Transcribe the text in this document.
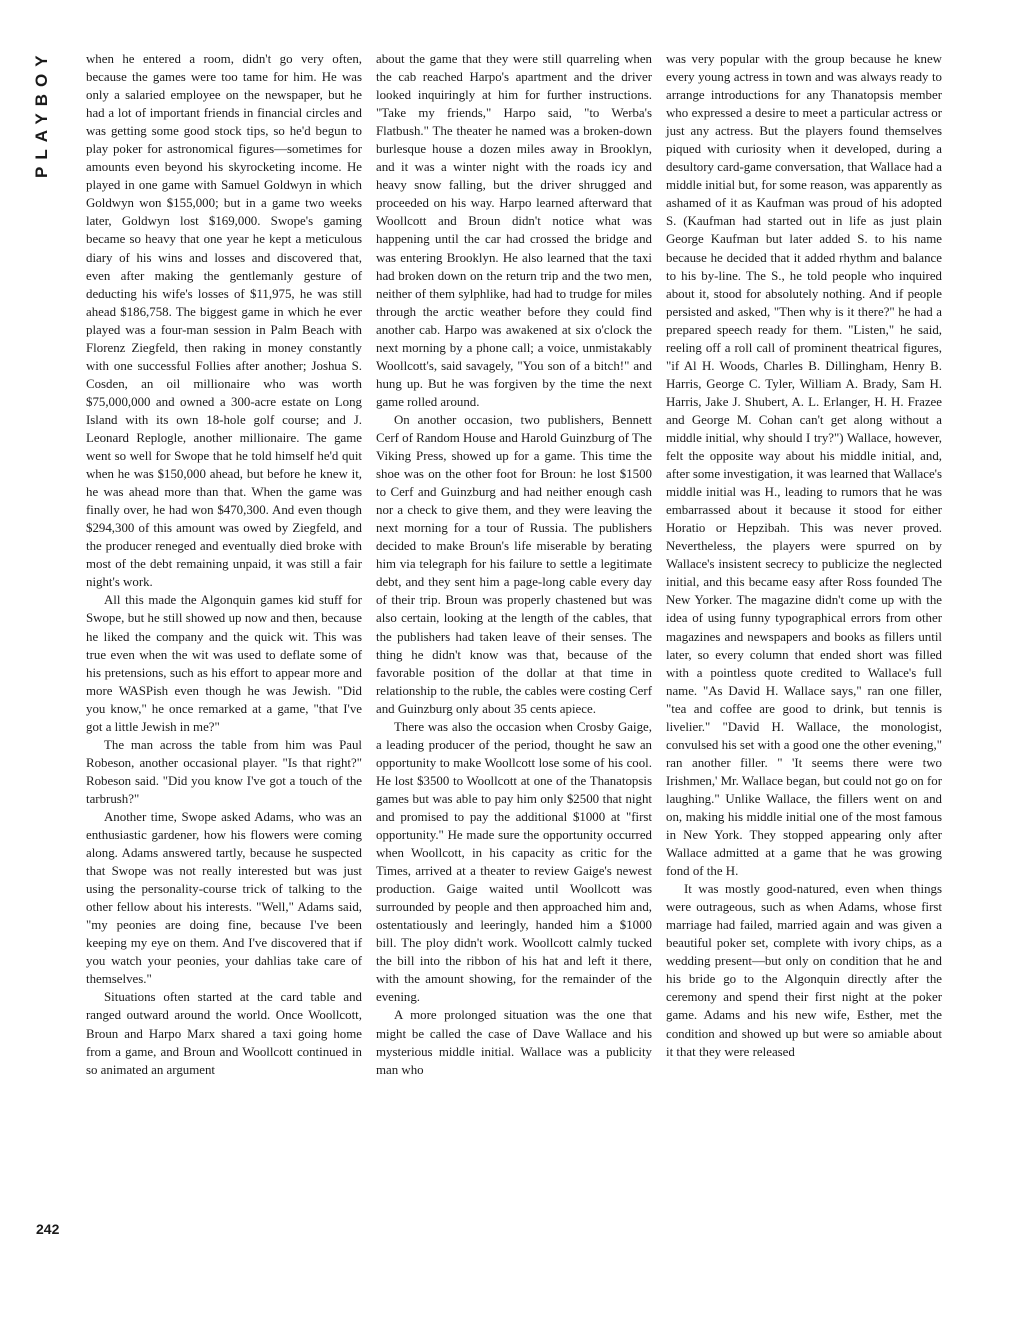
PLAYBOY	when he entered a room, didn't go very often, because the games were too tame for him. He was only a salaried employee on the newspaper, but he had a lot of important friends in financial circles and was getting some good stock tips, so he'd begun to play poker for astronomical figures—sometimes for amounts even beyond his skyrocketing income. He played in one game with Samuel Goldwyn in which Goldwyn won $155,000; but in a game two weeks later, Goldwyn lost $169,000. Swope's gaming became so heavy that one year he kept a meticulous diary of his wins and losses and discovered that, even after making the gentlemanly gesture of deducting his wife's losses of $11,975, he was still ahead $186,758. The biggest game in which he ever played was a four-man session in Palm Beach with Florenz Ziegfeld, then raking in money constantly with one successful Follies after another; Joshua S. Cosden, an oil millionaire who was worth $75,000,000 and owned a 300-acre estate on Long Island with its own 18-hole golf course; and J. Leonard Replogle, another millionaire. The game went so well for Swope that he told himself he'd quit when he was $150,000 ahead, but before he knew it, he was ahead more than that. When the game was finally over, he had won $470,300. And even though $294,300 of this amount was owed by Ziegfeld, and the producer reneged and eventually died broke with most of the debt remaining unpaid, it was still a fair night's work.

All this made the Algonquin games kid stuff for Swope, but he still showed up now and then, because he liked the company and the quick wit. This was true even when the wit was used to deflate some of his pretensions, such as his effort to appear more and more WASPish even though he was Jewish. "Did you know," he once remarked at a game, "that I've got a little Jewish in me?"

The man across the table from him was Paul Robeson, another occasional player. "Is that right?" Robeson said. "Did you know I've got a touch of the tarbrush?"

Another time, Swope asked Adams, who was an enthusiastic gardener, how his flowers were coming along. Adams answered tartly, because he suspected that Swope was not really interested but was just using the personality-course trick of talking to the other fellow about his interests. "Well," Adams said, "my peonies are doing fine, because I've been keeping my eye on them. And I've discovered that if you watch your peonies, your dahlias take care of themselves."

Situations often started at the card table and ranged outward around the world. Once Woollcott, Broun and Harpo Marx shared a taxi going home from a game, and Broun and Woollcott continued in so animated an argument

about the game that they were still quarreling when the cab reached Harpo's apartment and the driver looked inquiringly at him for further instructions. "Take my friends," Harpo said, "to Werba's Flatbush." The theater he named was a broken-down burlesque house a dozen miles away in Brooklyn, and it was a winter night with the roads icy and heavy snow falling, but the driver shrugged and proceeded on his way. Harpo learned afterward that Woollcott and Broun didn't notice what was happening until the car had crossed the bridge and was entering Brooklyn. He also learned that the taxi had broken down on the return trip and the two men, neither of them sylphlike, had had to trudge for miles through the arctic weather before they could find another cab. Harpo was awakened at six o'clock the next morning by a phone call; a voice, unmistakably Woollcott's, said savagely, "You son of a bitch!" and hung up. But he was forgiven by the time the next game rolled around.

On another occasion, two publishers, Bennett Cerf of Random House and Harold Guinzburg of The Viking Press, showed up for a game. This time the shoe was on the other foot for Broun: he lost $1500 to Cerf and Guinzburg and had neither enough cash nor a check to give them, and they were leaving the next morning for a tour of Russia. The publishers decided to make Broun's life miserable by berating him via telegraph for his failure to settle a legitimate debt, and they sent him a page-long cable every day of their trip. Broun was properly chastened but was also certain, looking at the length of the cables, that the publishers had taken leave of their senses. The thing he didn't know was that, because of the favorable position of the dollar at that time in relationship to the ruble, the cables were costing Cerf and Guinzburg only about 35 cents apiece.

There was also the occasion when Crosby Gaige, a leading producer of the period, thought he saw an opportunity to make Woollcott lose some of his cool. He lost $3500 to Woollcott at one of the Thanatopsis games but was able to pay him only $2500 that night and promised to pay the additional $1000 at "first opportunity." He made sure the opportunity occurred when Woollcott, in his capacity as critic for the Times, arrived at a theater to review Gaige's newest production. Gaige waited until Woollcott was surrounded by people and then approached him and, ostentatiously and leeringly, handed him a $1000 bill. The ploy didn't work. Woollcott calmly tucked the bill into the ribbon of his hat and left it there, with the amount showing, for the remainder of the evening.

A more prolonged situation was the one that might be called the case of Dave Wallace and his mysterious middle initial. Wallace was a publicity man who

was very popular with the group because he knew every young actress in town and was always ready to arrange introductions for any Thanatopsis member who expressed a desire to meet a particular actress or just any actress. But the players found themselves piqued with curiosity when it developed, during a desultory card-game conversation, that Wallace had a middle initial but, for some reason, was apparently as ashamed of it as Kaufman was proud of his adopted S. (Kaufman had started out in life as just plain George Kaufman but later added S. to his name because he decided that it added rhythm and balance to his by-line. The S., he told people who inquired about it, stood for absolutely nothing. And if people persisted and asked, "Then why is it there?" he had a prepared speech ready for them. "Listen," he said, reeling off a roll call of prominent theatrical figures, "if Al H. Woods, Charles B. Dillingham, Henry B. Harris, George C. Tyler, William A. Brady, Sam H. Harris, Jake J. Shubert, A. L. Erlanger, H. H. Frazee and George M. Cohan can't get along without a middle initial, why should I try?") Wallace, however, felt the opposite way about his middle initial, and, after some investigation, it was learned that Wallace's middle initial was H., leading to rumors that he was embarrassed about it because it stood for either Horatio or Hepzibah. This was never proved. Nevertheless, the players were spurred on by Wallace's insistent secrecy to publicize the neglected initial, and this became easy after Ross founded The New Yorker. The magazine didn't come up with the idea of using funny typographical errors from other magazines and newspapers and books as fillers until later, so every column that ended short was filled with a pointless quote credited to Wallace's full name. "As David H. Wallace says," ran one filler, "tea and coffee are good to drink, but tennis is livelier." "David H. Wallace, the monologist, convulsed his set with a good one the other evening," ran another filler. " 'It seems there were two Irishmen,' Mr. Wallace began, but could not go on for laughing." Unlike Wallace, the fillers went on and on, making his middle initial one of the most famous in New York. They stopped appearing only after Wallace admitted at a game that he was growing fond of the H.

It was mostly good-natured, even when things were outrageous, such as when Adams, whose first marriage had failed, married again and was given a beautiful poker set, complete with ivory chips, as a wedding present—but only on condition that he and his bride go to the Algonquin directly after the ceremony and spend their first night at the poker game. Adams and his new wife, Esther, met the condition and showed up but were so amiable about it that they were released

242
